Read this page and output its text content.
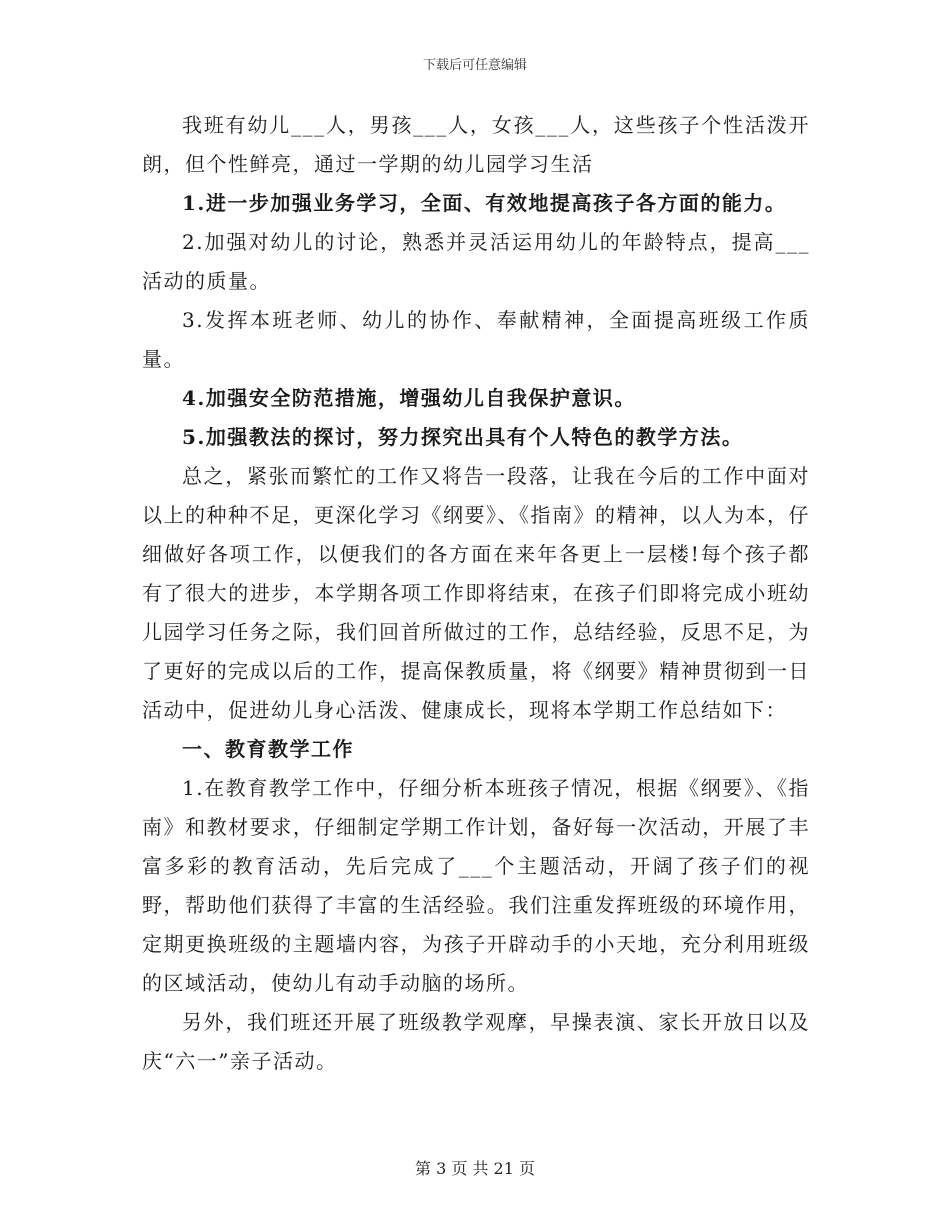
下载后可任意编辑

我班有幼儿___人，男孩___人，女孩___人，这些孩子个性活泼开朗，但个性鲜亮，通过一学期的幼儿园学习生活

1.进一步加强业务学习，全面、有效地提高孩子各方面的能力。

2.加强对幼儿的讨论，熟悉并灵活运用幼儿的年龄特点，提高___活动的质量。

3.发挥本班老师、幼儿的协作、奉献精神，全面提高班级工作质量。

4.加强安全防范措施，增强幼儿自我保护意识。

5.加强教法的探讨，努力探究出具有个人特色的教学方法。

总之，紧张而繁忙的工作又将告一段落，让我在今后的工作中面对以上的种种不足，更深化学习《纲要》、《指南》的精神，以人为本，仔细做好各项工作，以便我们的各方面在来年各更上一层楼!每个孩子都有了很大的进步，本学期各项工作即将结束，在孩子们即将完成小班幼儿园学习任务之际，我们回首所做过的工作，总结经验，反思不足，为了更好的完成以后的工作，提高保教质量，将《纲要》精神贯彻到一日活动中，促进幼儿身心活泼、健康成长，现将本学期工作总结如下：

一、教育教学工作

1.在教育教学工作中，仔细分析本班孩子情况，根据《纲要》、《指南》和教材要求，仔细制定学期工作计划，备好每一次活动，开展了丰富多彩的教育活动，先后完成了___个主题活动，开阔了孩子们的视野，帮助他们获得了丰富的生活经验。我们注重发挥班级的环境作用，定期更换班级的主题墙内容，为孩子开辟动手的小天地，充分利用班级的区域活动，使幼儿有动手动脑的场所。

另外，我们班还开展了班级教学观摩，早操表演、家长开放日以及庆“六一”亲子活动。

第 3 页 共 21 页
